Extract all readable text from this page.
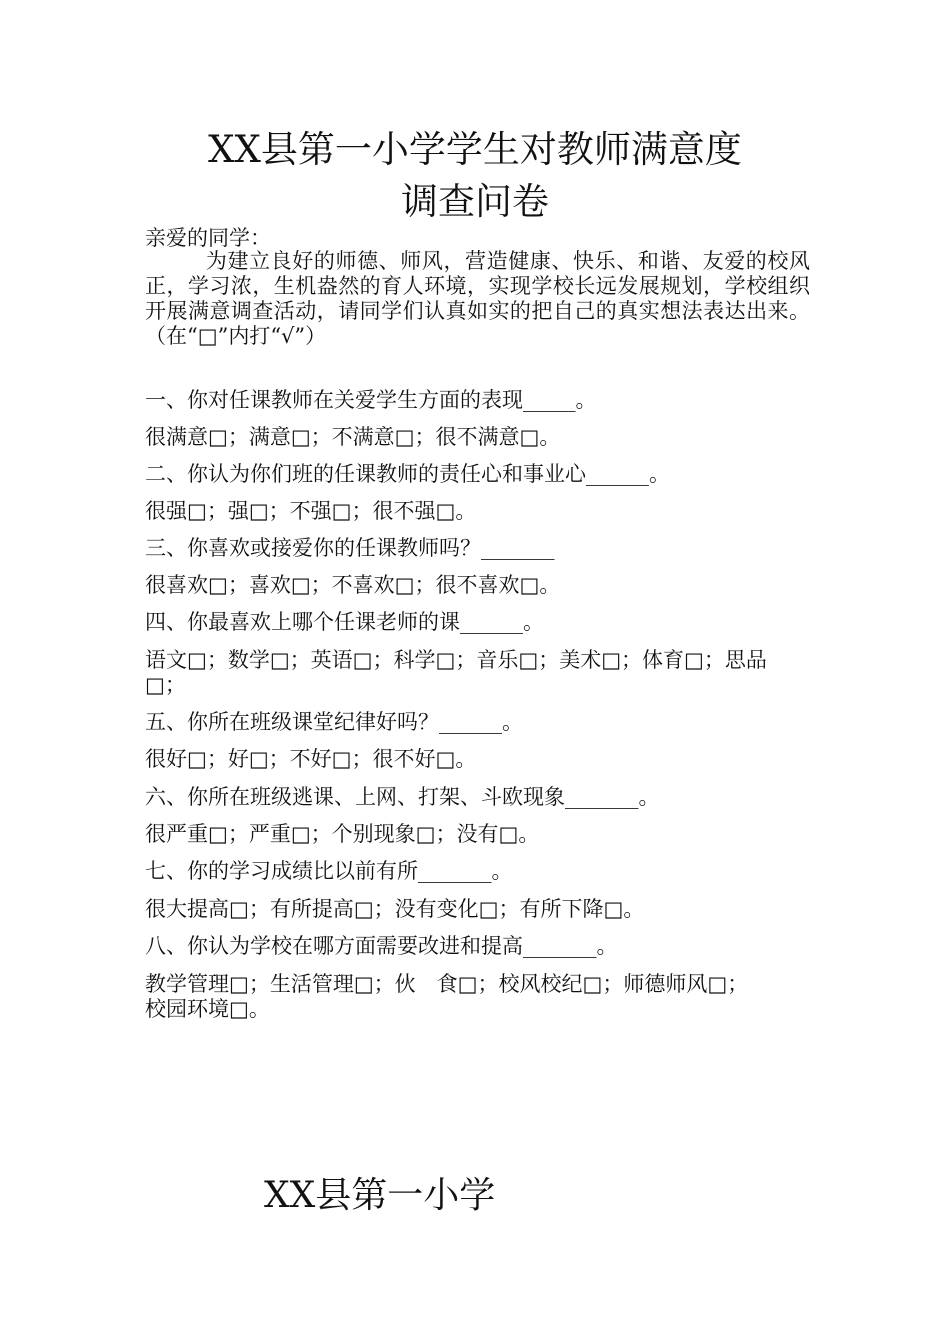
XX县第一小学学生对教师满意度
调查问卷
亲爱的同学：
为建立良好的师德、师风，营造健康、快乐、和谐、友爱的校风正，学习浓，生机盎然的育人环境，实现学校长远发展规划，学校组织开展满意调查活动，请同学们认真如实的把自己的真实想法表达出来。（在“□”内打“√”）
一、你对任课教师在关爱学生方面的表现_____。
很满意□；满意□；不满意□；很不满意□。
二、你认为你们班的任课教师的责任心和事业心______。
很强□；强□；不强□；很不强□。
三、你喜欢或接爱你的任课教师吗？_______
很喜欢□；喜欢□；不喜欢□；很不喜欢□。
四、你最喜欢上哪个任课老师的课______。
语文□；数学□；英语□；科学□；音乐□；美术□；体育□；思品
□；
五、你所在班级课堂纪律好吗？______。
很好□；好□；不好□；很不好□。
六、你所在班级逃课、上网、打架、斗欧现象_______。
很严重□；严重□；个别现象□；没有□。
七、你的学习成绩比以前有所_______。
很大提高□；有所提高□；没有变化□；有所下降□。
八、你认为学校在哪方面需要改进和提高_______。
教学管理□；生活管理□；伙　食□；校风校纪□；师德师风□；
校园环境□。
XX县第一小学
